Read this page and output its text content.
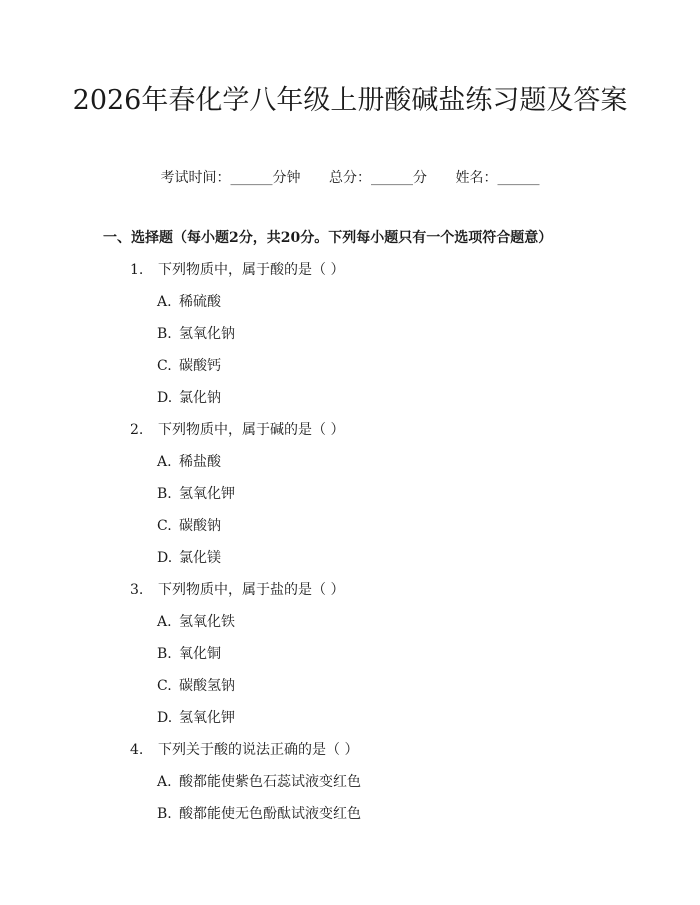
2026年春化学八年级上册酸碱盐练习题及答案
考试时间：______分钟 总分：______分 姓名：______
一、选择题（每小题2分，共20分。下列每小题只有一个选项符合题意）
1. 下列物质中，属于酸的是（ ）
A. 稀硫酸
B. 氢氧化钠
C. 碳酸钙
D. 氯化钠
2. 下列物质中，属于碱的是（ ）
A. 稀盐酸
B. 氢氧化钾
C. 碳酸钠
D. 氯化镁
3. 下列物质中，属于盐的是（ ）
A. 氢氧化铁
B. 氧化铜
C. 碳酸氢钠
D. 氢氧化钾
4. 下列关于酸的说法正确的是（ ）
A. 酸都能使紫色石蕊试液变红色
B. 酸都能使无色酚酞试液变红色
